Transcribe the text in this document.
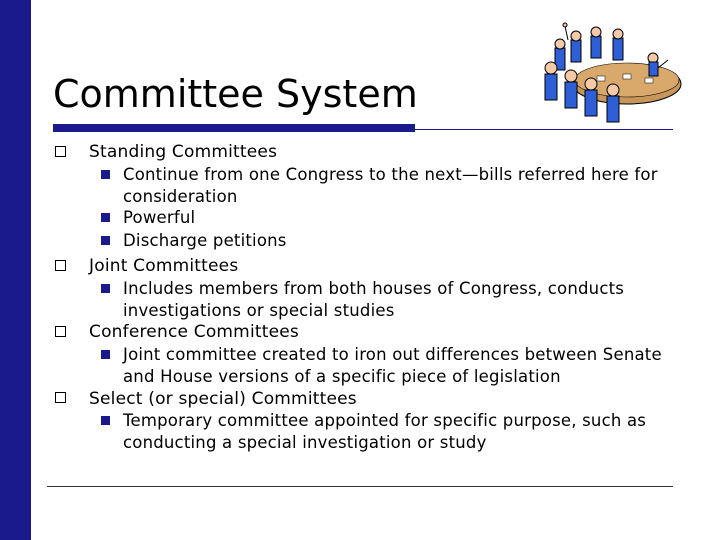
Committee System
Standing Committees
Continue from one Congress to the next—bills referred here for consideration
Powerful
Discharge petitions
Joint Committees
Includes members from both houses of Congress, conducts investigations or special studies
Conference Committees
Joint committee created to iron out differences between Senate and House versions of a specific piece of legislation
Select (or special) Committees
Temporary committee appointed for specific purpose, such as conducting a special investigation or study
